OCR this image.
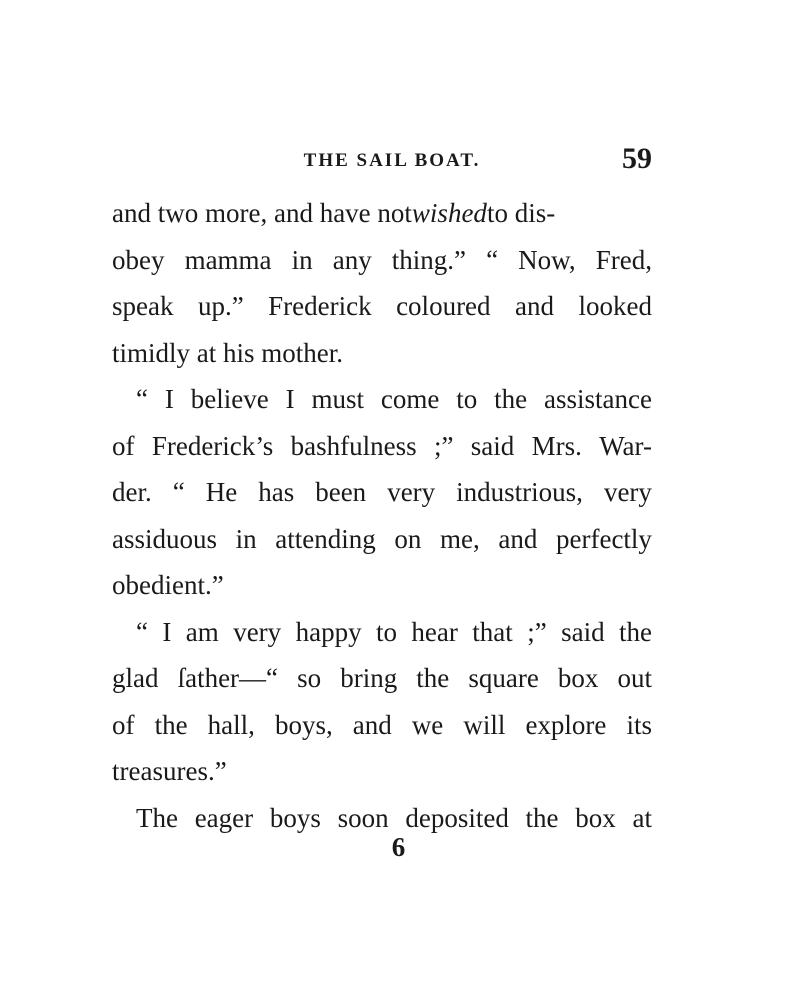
THE SAIL BOAT.	59
and two more, and have notwishedto dis-
obey mamma in any thing.” “ Now, Fred,
speak up.” Frederick coloured and looked
timidly at his mother.
“ I believe I must come to the assistance
of Frederick’s bashfulness ;” said Mrs. War-
der. “ He has been very industrious, very
assiduous in attending on me, and perfectly
obedient.”
“ I am very happy to hear that ;” said the
glad ſather—“ so bring the square box out
of the hall, boys, and we will explore its
treasures.”
The eager boys soon deposited the box at
6
